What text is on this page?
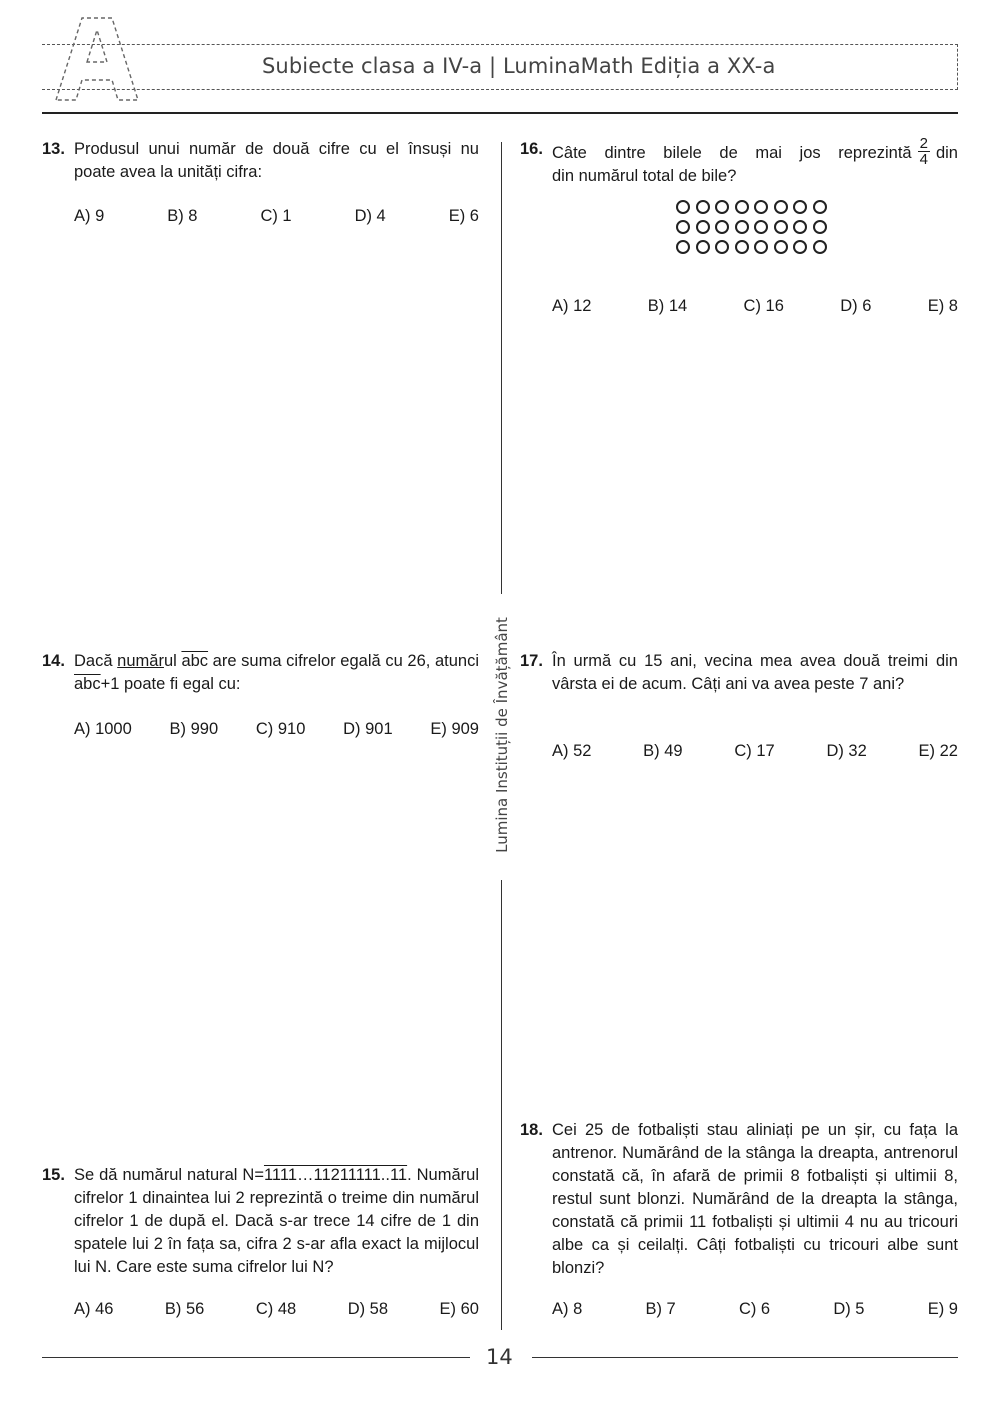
Subiecte clasa a IV-a | LuminaMath Ediția a XX-a
Lumina Instituții de Învățământ
13. Produsul unui număr de două cifre cu el însuși nu poate avea la unități cifra:
A) 9	B) 8	C) 1	D) 4	E) 6
14. Dacă numărul $\overline{abc}$ are suma cifrelor egală cu 26, atunci $\overline{abc}+1$ poate fi egal cu:
A) 1000 B) 990 C) 910 D) 901 E) 909
15. Se dă numărul natural N=1111…11211111..11. Numărul cifrelor 1 dinaintea lui 2 reprezintă o treime din numărul cifrelor 1 de după el. Dacă s-ar trece 14 cifre de 1 din spatele lui 2 în fața sa, cifra 2 s-ar afla exact la mijlocul lui N. Care este suma cifrelor lui N?
A) 46	B) 56	C) 48	D) 58	E) 60
16. Câte dintre bilele de mai jos reprezintă $\frac{2}{4}$ din
din numărul total de bile?
A) 12	B) 14	C) 16	D) 6	E) 8
17. În urmă cu 15 ani, vecina mea avea două treimi din vârsta ei de acum. Câți ani va avea peste 7 ani?
A) 52	B) 49	C) 17	D) 32	E) 22
18. Cei 25 de fotbaliști stau aliniați pe un șir, cu fața la antrenor. Numărând de la stânga la dreapta, antrenorul constată că, în afară de primii 8 fotbaliști și ultimii 8, restul sunt blonzi. Numărând de la dreapta la stânga, constată că primii 11 fotbaliști și ultimii 4 nu au tricouri albe ca și ceilalți. Câți fotbaliști cu tricouri albe sunt blonzi?
A) 8	B) 7	C) 6	D) 5	E) 9
14
